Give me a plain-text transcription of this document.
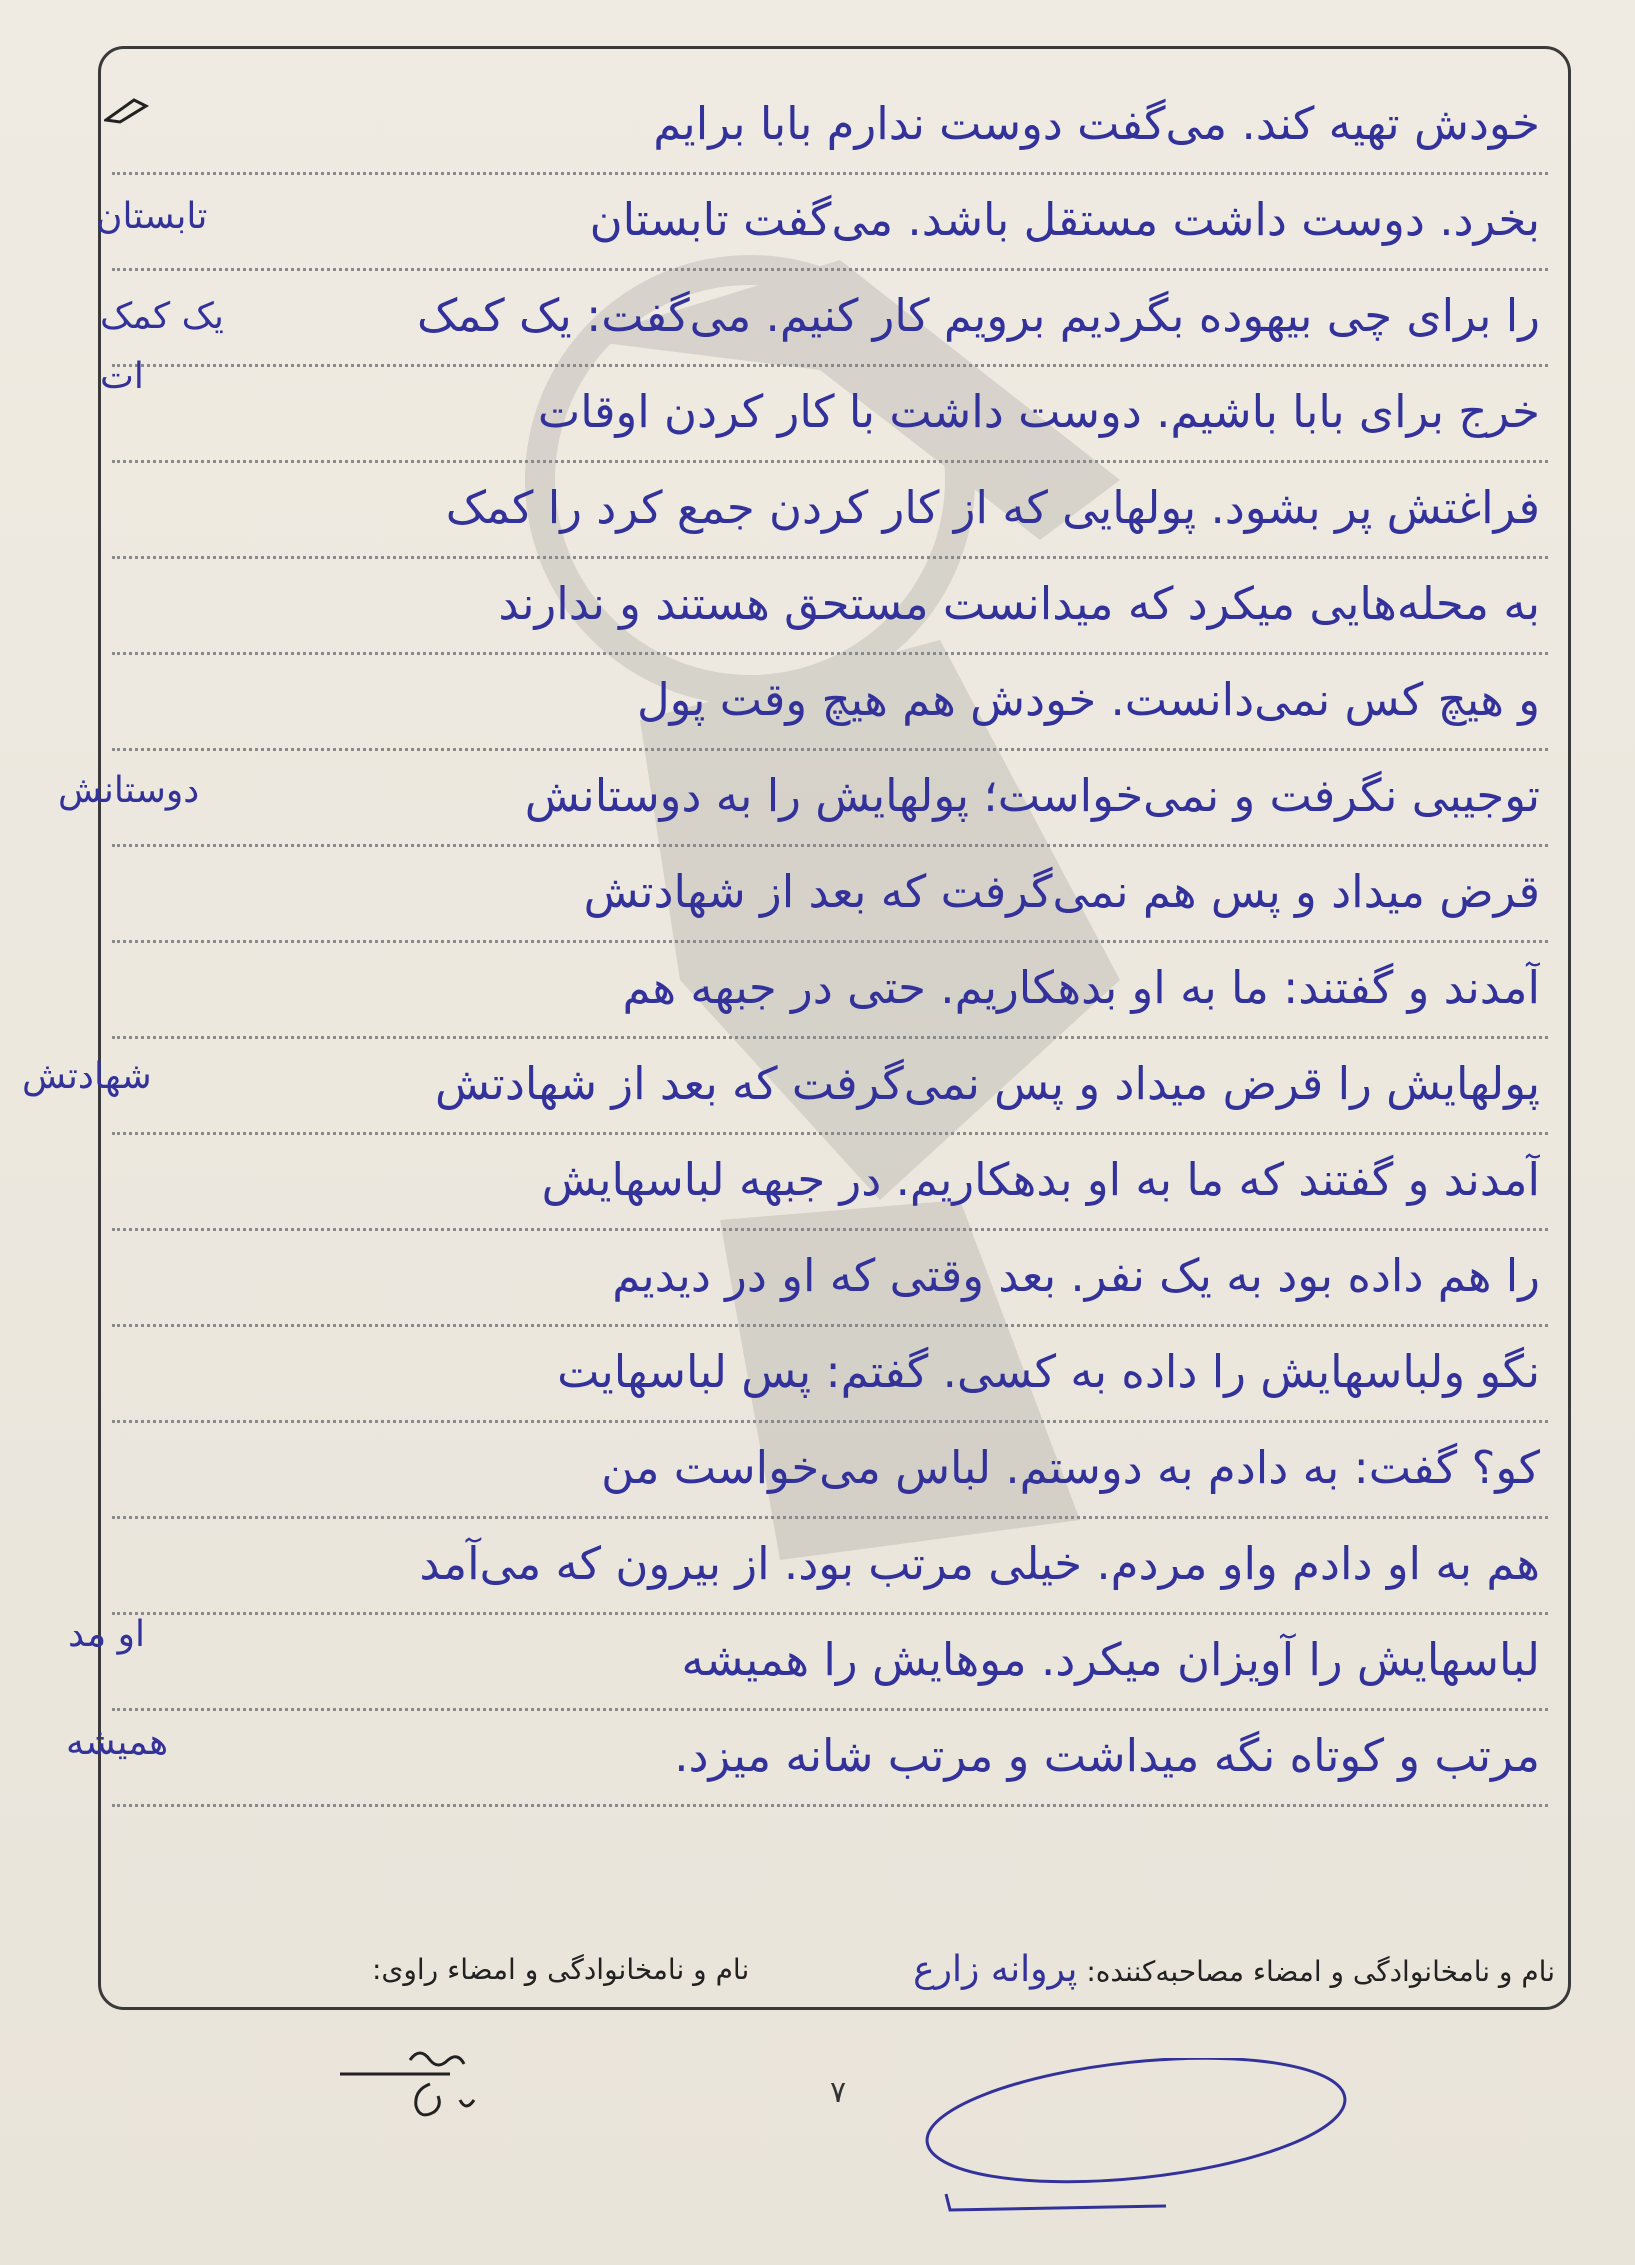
خودش تهیه کند. می‌گفت دوست ندارم بابا برایم
بخرد. دوست داشت مستقل باشد. می‌گفت تابستان
را برای چی بیهوده بگردیم برویم کار کنیم. می‌گفت: یک کمک
خرج برای بابا باشیم. دوست داشت با کار کردن اوقات
فراغتش پر بشود. پولهایی که از کار کردن جمع کرد را کمک
به محله‌هایی میکرد که میدانست مستحق هستند و ندارند
و هیچ کس نمی‌دانست. خودش هم هیچ وقت پول
توجیبی نگرفت و نمی‌خواست؛ پولهایش را به دوستانش
قرض میداد و پس هم نمی‌گرفت که بعد از شهادتش
آمدند و گفتند: ما به او بدهکاریم. حتی در جبهه هم
پولهایش را قرض میداد و پس نمی‌گرفت که بعد از شهادتش
آمدند و گفتند که ما به او بدهکاریم. در جبهه لباسهایش
را هم داده بود به یک نفر. بعد وقتی که او در دیدیم
نگو ولباسهایش را داده به کسی. گفتم: پس لباسهایت
کو؟ گفت: به دادم به دوستم. لباس می‌خواست من
هم به او دادم واو مردم. خیلی مرتب بود. از بیرون که می‌آمد
لباسهایش را آویزان میکرد. موهایش را همیشه
مرتب و کوتاه نگه میداشت و مرتب شانه میزد.
تابستان
یک کمک
ات
دوستانش
شهادتش
او مد
همیشه
نام و نامخانوادگی و امضاء مصاحبه‌کننده: پروانه زارع
نام و نامخانوادگی و امضاء راوی:
۷
